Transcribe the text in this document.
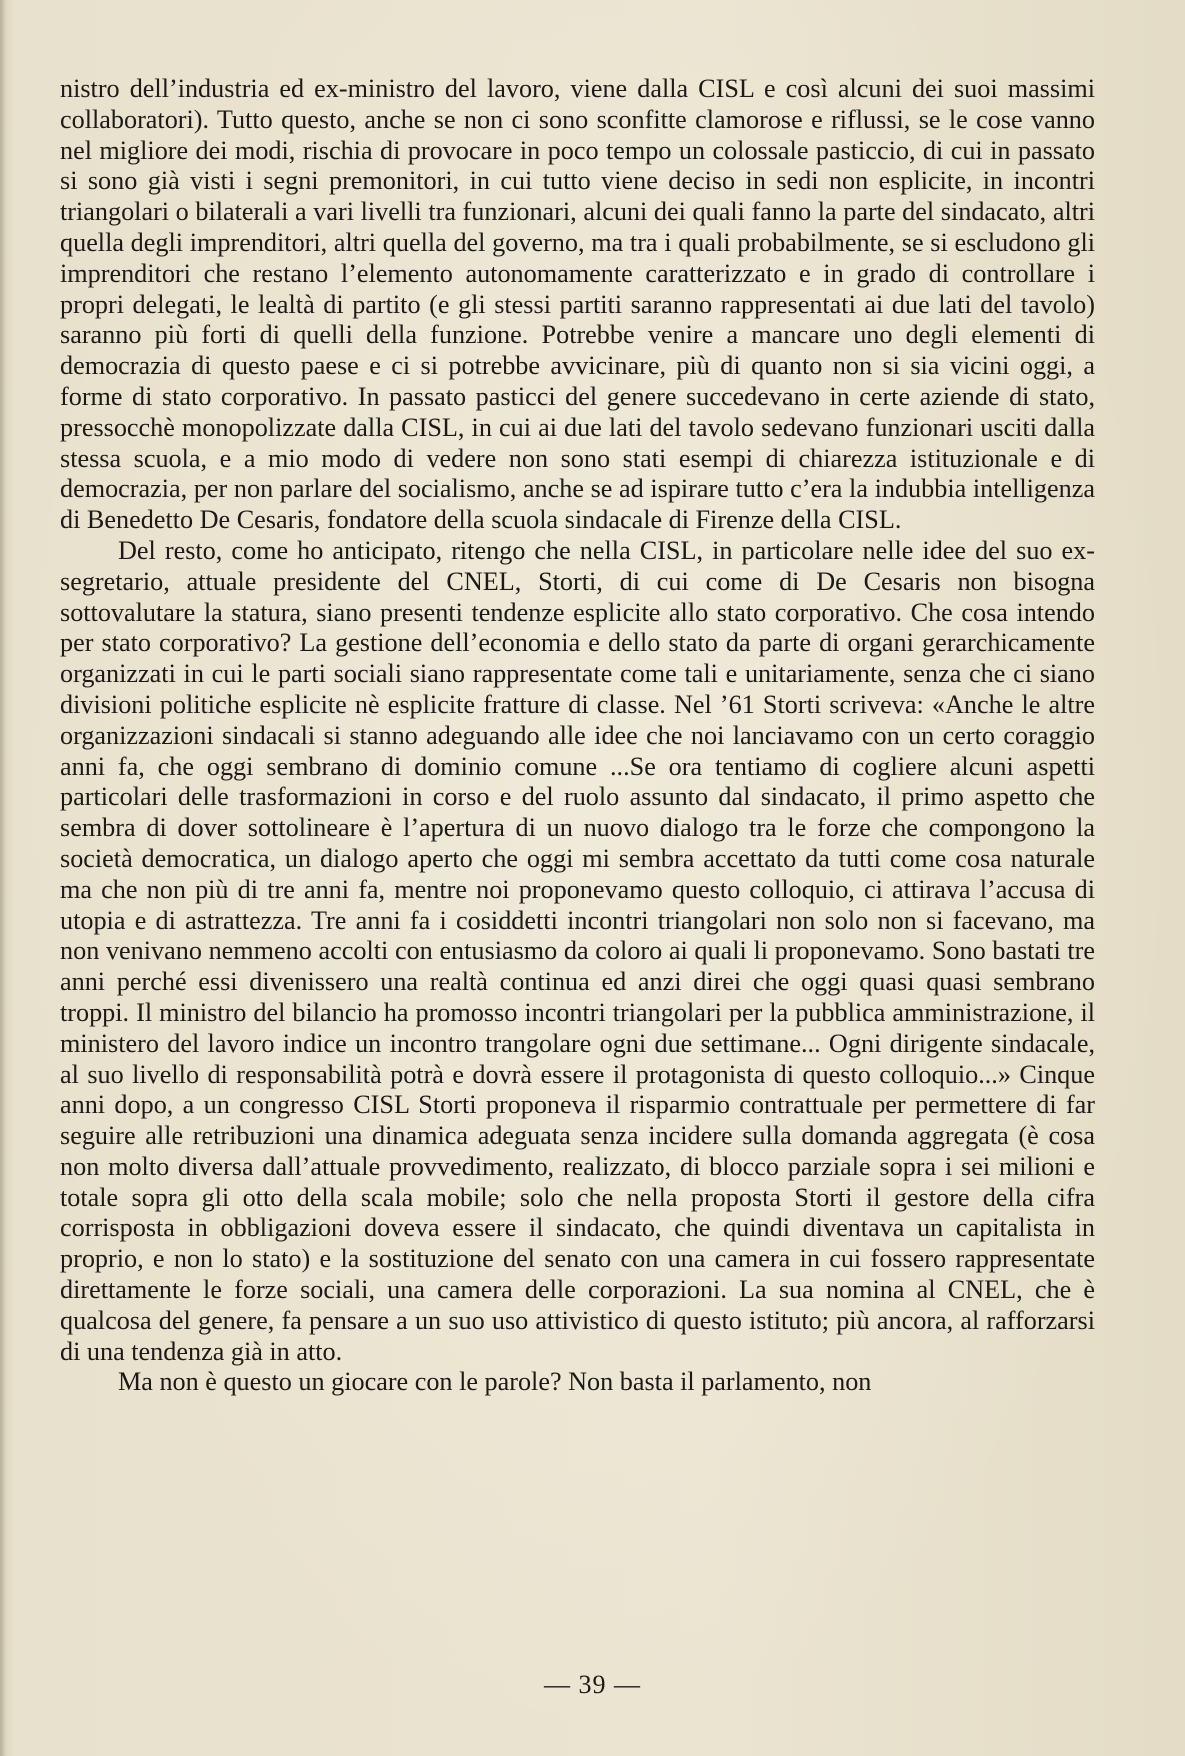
nistro dell’industria ed ex-ministro del lavoro, viene dalla CISL e così alcuni dei suoi massimi collaboratori). Tutto questo, anche se non ci sono sconfitte clamorose e riflussi, se le cose vanno nel migliore dei modi, rischia di provocare in poco tempo un colossale pasticcio, di cui in passato si sono già visti i segni premonitori, in cui tutto viene deciso in sedi non esplicite, in incontri triangolari o bilaterali a vari livelli tra funzionari, alcuni dei quali fanno la parte del sindacato, altri quella degli imprenditori, altri quella del governo, ma tra i quali probabilmente, se si escludono gli imprenditori che restano l’elemento autonomamente caratterizzato e in grado di controllare i propri delegati, le lealtà di partito (e gli stessi partiti saranno rappresentati ai due lati del tavolo) saranno più forti di quelli della funzione. Potrebbe venire a mancare uno degli elementi di democrazia di questo paese e ci si potrebbe avvicinare, più di quanto non si sia vicini oggi, a forme di stato corporativo. In passato pasticci del genere succedevano in certe aziende di stato, pressocchè monopolizzate dalla CISL, in cui ai due lati del tavolo sedevano funzionari usciti dalla stessa scuola, e a mio modo di vedere non sono stati esempi di chiarezza istituzionale e di democrazia, per non parlare del socialismo, anche se ad ispirare tutto c’era la indubbia intelligenza di Benedetto De Cesaris, fondatore della scuola sindacale di Firenze della CISL.

Del resto, come ho anticipato, ritengo che nella CISL, in particolare nelle idee del suo ex-segretario, attuale presidente del CNEL, Storti, di cui come di De Cesaris non bisogna sottovalutare la statura, siano presenti tendenze esplicite allo stato corporativo. Che cosa intendo per stato corporativo? La gestione dell’economia e dello stato da parte di organi gerarchicamente organizzati in cui le parti sociali siano rappresentate come tali e unitariamente, senza che ci siano divisioni politiche esplicite nè esplicite fratture di classe. Nel ’61 Storti scriveva: «Anche le altre organizzazioni sindacali si stanno adeguando alle idee che noi lanciavamo con un certo coraggio anni fa, che oggi sembrano di dominio comune ...Se ora tentiamo di cogliere alcuni aspetti particolari delle trasformazioni in corso e del ruolo assunto dal sindacato, il primo aspetto che sembra di dover sottolineare è l’apertura di un nuovo dialogo tra le forze che compongono la società democratica, un dialogo aperto che oggi mi sembra accettato da tutti come cosa naturale ma che non più di tre anni fa, mentre noi proponevamo questo colloquio, ci attirava l’accusa di utopia e di astrattezza. Tre anni fa i cosiddetti incontri triangolari non solo non si facevano, ma non venivano nemmeno accolti con entusiasmo da coloro ai quali li proponevamo. Sono bastati tre anni perché essi divenissero una realtà continua ed anzi direi che oggi quasi quasi sembrano troppi. Il ministro del bilancio ha promosso incontri triangolari per la pubblica amministrazione, il ministero del lavoro indice un incontro trangolare ogni due settimane... Ogni dirigente sindacale, al suo livello di responsabilità potrà e dovrà essere il protagonista di questo colloquio...» Cinque anni dopo, a un congresso CISL Storti proponeva il risparmio contrattuale per permettere di far seguire alle retribuzioni una dinamica adeguata senza incidere sulla domanda aggregata (è cosa non molto diversa dall’attuale provvedimento, realizzato, di blocco parziale sopra i sei milioni e totale sopra gli otto della scala mobile; solo che nella proposta Storti il gestore della cifra corrisposta in obbligazioni doveva essere il sindacato, che quindi diventava un capitalista in proprio, e non lo stato) e la sostituzione del senato con una camera in cui fossero rappresentate direttamente le forze sociali, una camera delle corporazioni. La sua nomina al CNEL, che è qualcosa del genere, fa pensare a un suo uso attivistico di questo istituto; più ancora, al rafforzarsi di una tendenza già in atto.

Ma non è questo un giocare con le parole? Non basta il parlamento, non

— 39 —
